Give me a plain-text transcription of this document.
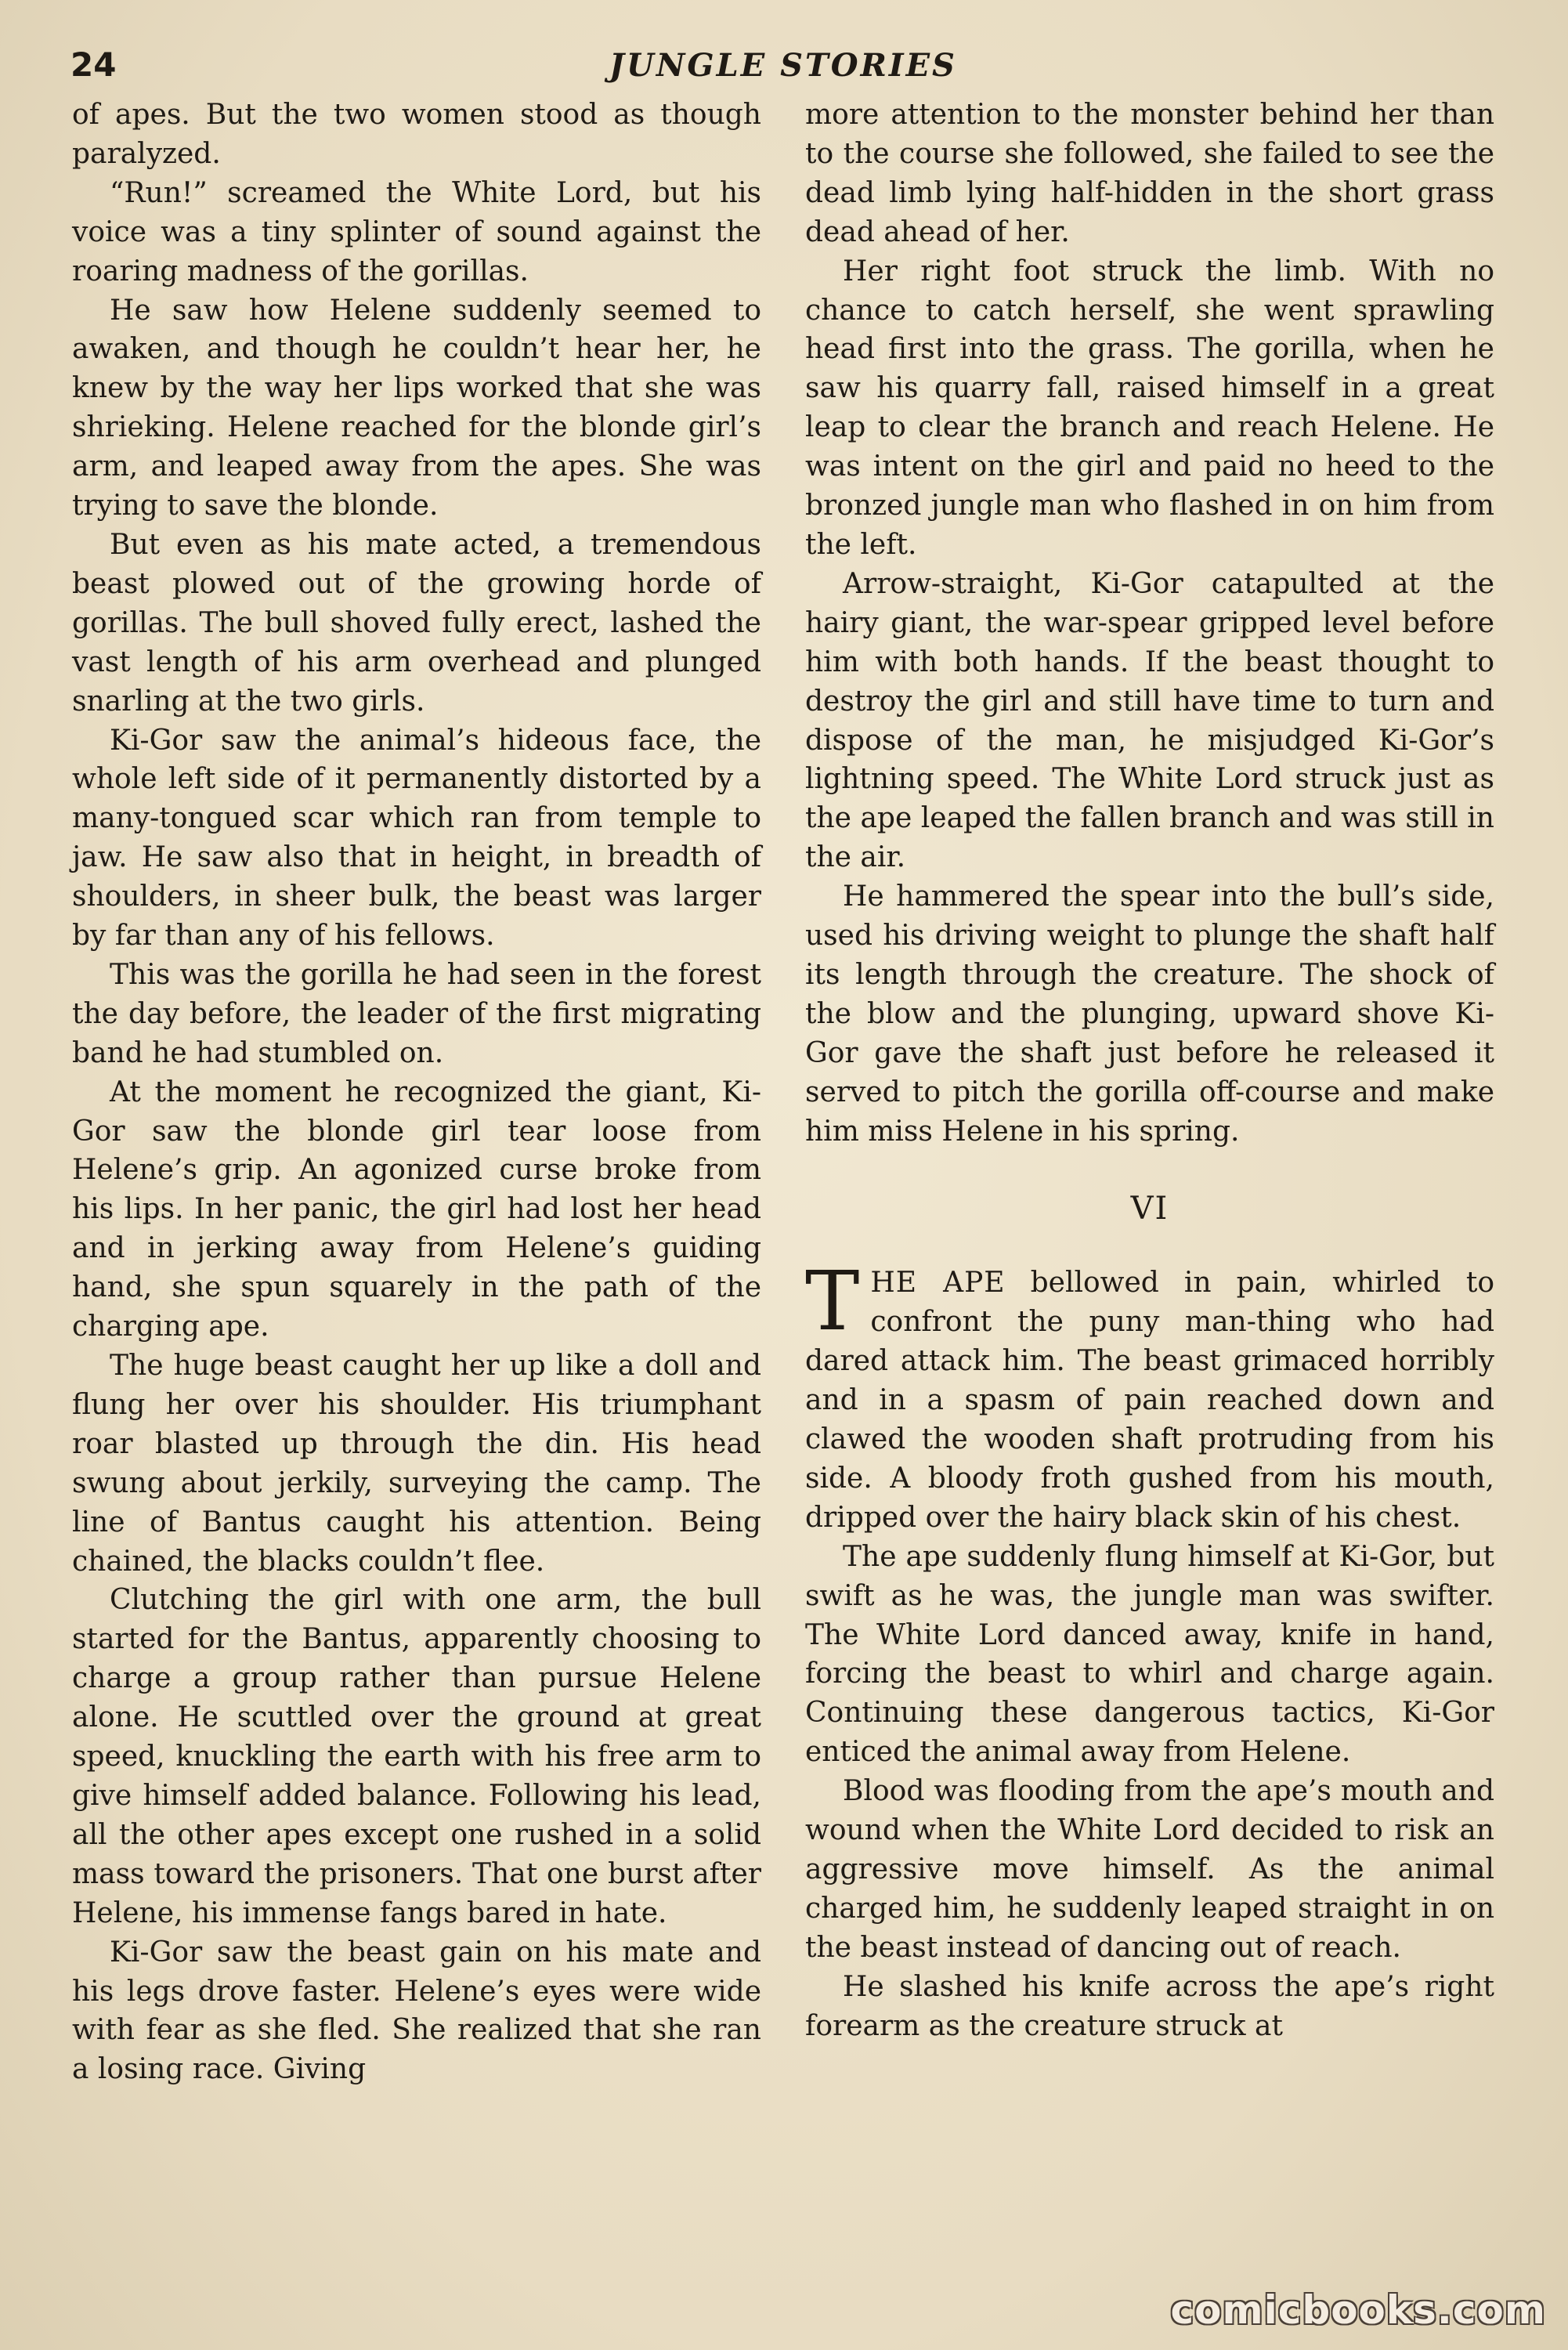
24	JUNGLE STORIES

of apes. But the two women stood as though paralyzed.

“Run!” screamed the White Lord, but his voice was a tiny splinter of sound against the roaring madness of the gorillas.

He saw how Helene suddenly seemed to awaken, and though he couldn’t hear her, he knew by the way her lips worked that she was shrieking. Helene reached for the blonde girl’s arm, and leaped away from the apes. She was trying to save the blonde.

But even as his mate acted, a tremendous beast plowed out of the growing horde of gorillas. The bull shoved fully erect, lashed the vast length of his arm overhead and plunged snarling at the two girls.

Ki-Gor saw the animal’s hideous face, the whole left side of it permanently distorted by a many-tongued scar which ran from temple to jaw. He saw also that in height, in breadth of shoulders, in sheer bulk, the beast was larger by far than any of his fellows.

This was the gorilla he had seen in the forest the day before, the leader of the first migrating band he had stumbled on.

At the moment he recognized the giant, Ki-Gor saw the blonde girl tear loose from Helene’s grip. An agonized curse broke from his lips. In her panic, the girl had lost her head and in jerking away from Helene’s guiding hand, she spun squarely in the path of the charging ape.

The huge beast caught her up like a doll and flung her over his shoulder. His triumphant roar blasted up through the din. His head swung about jerkily, surveying the camp. The line of Bantus caught his attention. Being chained, the blacks couldn’t flee.

Clutching the girl with one arm, the bull started for the Bantus, apparently choosing to charge a group rather than pursue Helene alone. He scuttled over the ground at great speed, knuckling the earth with his free arm to give himself added balance. Following his lead, all the other apes except one rushed in a solid mass toward the prisoners. That one burst after Helene, his immense fangs bared in hate.

Ki-Gor saw the beast gain on his mate and his legs drove faster. Helene’s eyes were wide with fear as she fled. She realized that she ran a losing race. Giving

more attention to the monster behind her than to the course she followed, she failed to see the dead limb lying half-hidden in the short grass dead ahead of her.

Her right foot struck the limb. With no chance to catch herself, she went sprawling head first into the grass. The gorilla, when he saw his quarry fall, raised himself in a great leap to clear the branch and reach Helene. He was intent on the girl and paid no heed to the bronzed jungle man who flashed in on him from the left.

Arrow-straight, Ki-Gor catapulted at the hairy giant, the war-spear gripped level before him with both hands. If the beast thought to destroy the girl and still have time to turn and dispose of the man, he misjudged Ki-Gor’s lightning speed. The White Lord struck just as the ape leaped the fallen branch and was still in the air.

He hammered the spear into the bull’s side, used his driving weight to plunge the shaft half its length through the creature. The shock of the blow and the plunging, upward shove Ki-Gor gave the shaft just before he released it served to pitch the gorilla off-course and make him miss Helene in his spring.

VI

THE APE bellowed in pain, whirled to confront the puny man-thing who had dared attack him. The beast grimaced horribly and in a spasm of pain reached down and clawed the wooden shaft protruding from his side. A bloody froth gushed from his mouth, dripped over the hairy black skin of his chest.

The ape suddenly flung himself at Ki-Gor, but swift as he was, the jungle man was swifter. The White Lord danced away, knife in hand, forcing the beast to whirl and charge again. Continuing these dangerous tactics, Ki-Gor enticed the animal away from Helene.

Blood was flooding from the ape’s mouth and wound when the White Lord decided to risk an aggressive move himself. As the animal charged him, he suddenly leaped straight in on the beast instead of dancing out of reach.

He slashed his knife across the ape’s right forearm as the creature struck at

comicbooks.com
